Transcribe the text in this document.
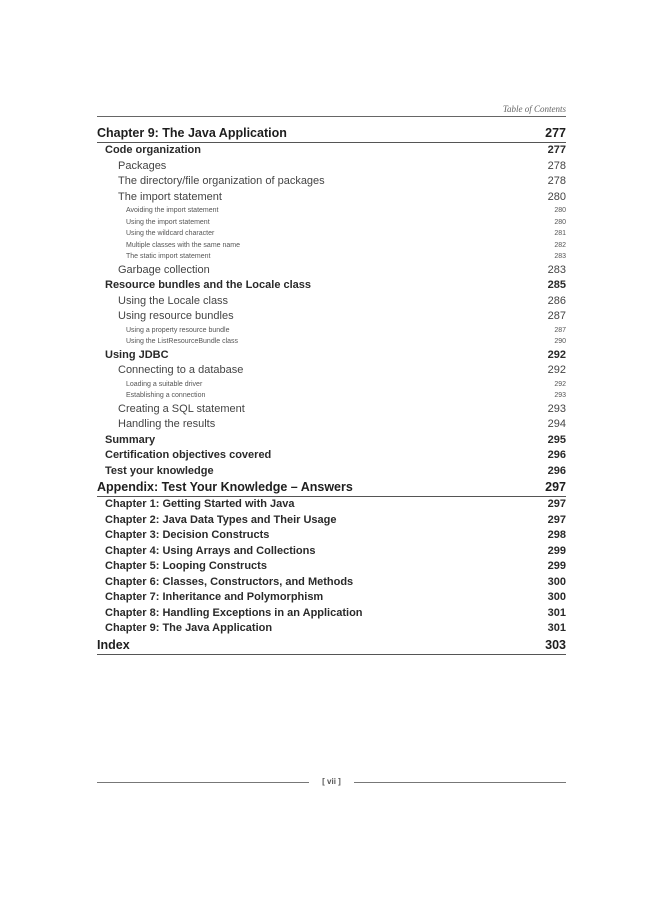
Table of Contents
Chapter 9: The Java Application	277
Code organization	277
Packages	278
The directory/file organization of packages	278
The import statement	280
Avoiding the import statement	280
Using the import statement	280
Using the wildcard character	281
Multiple classes with the same name	282
The static import statement	283
Garbage collection	283
Resource bundles and the Locale class	285
Using the Locale class	286
Using resource bundles	287
Using a property resource bundle	287
Using the ListResourceBundle class	290
Using JDBC	292
Connecting to a database	292
Loading a suitable driver	292
Establishing a connection	293
Creating a SQL statement	293
Handling the results	294
Summary	295
Certification objectives covered	296
Test your knowledge	296
Appendix: Test Your Knowledge – Answers	297
Chapter 1: Getting Started with Java	297
Chapter 2: Java Data Types and Their Usage	297
Chapter 3: Decision Constructs	298
Chapter 4: Using Arrays and Collections	299
Chapter 5: Looping Constructs	299
Chapter 6: Classes, Constructors, and Methods	300
Chapter 7: Inheritance and Polymorphism	300
Chapter 8: Handling Exceptions in an Application	301
Chapter 9: The Java Application	301
Index	303
[ vii ]
